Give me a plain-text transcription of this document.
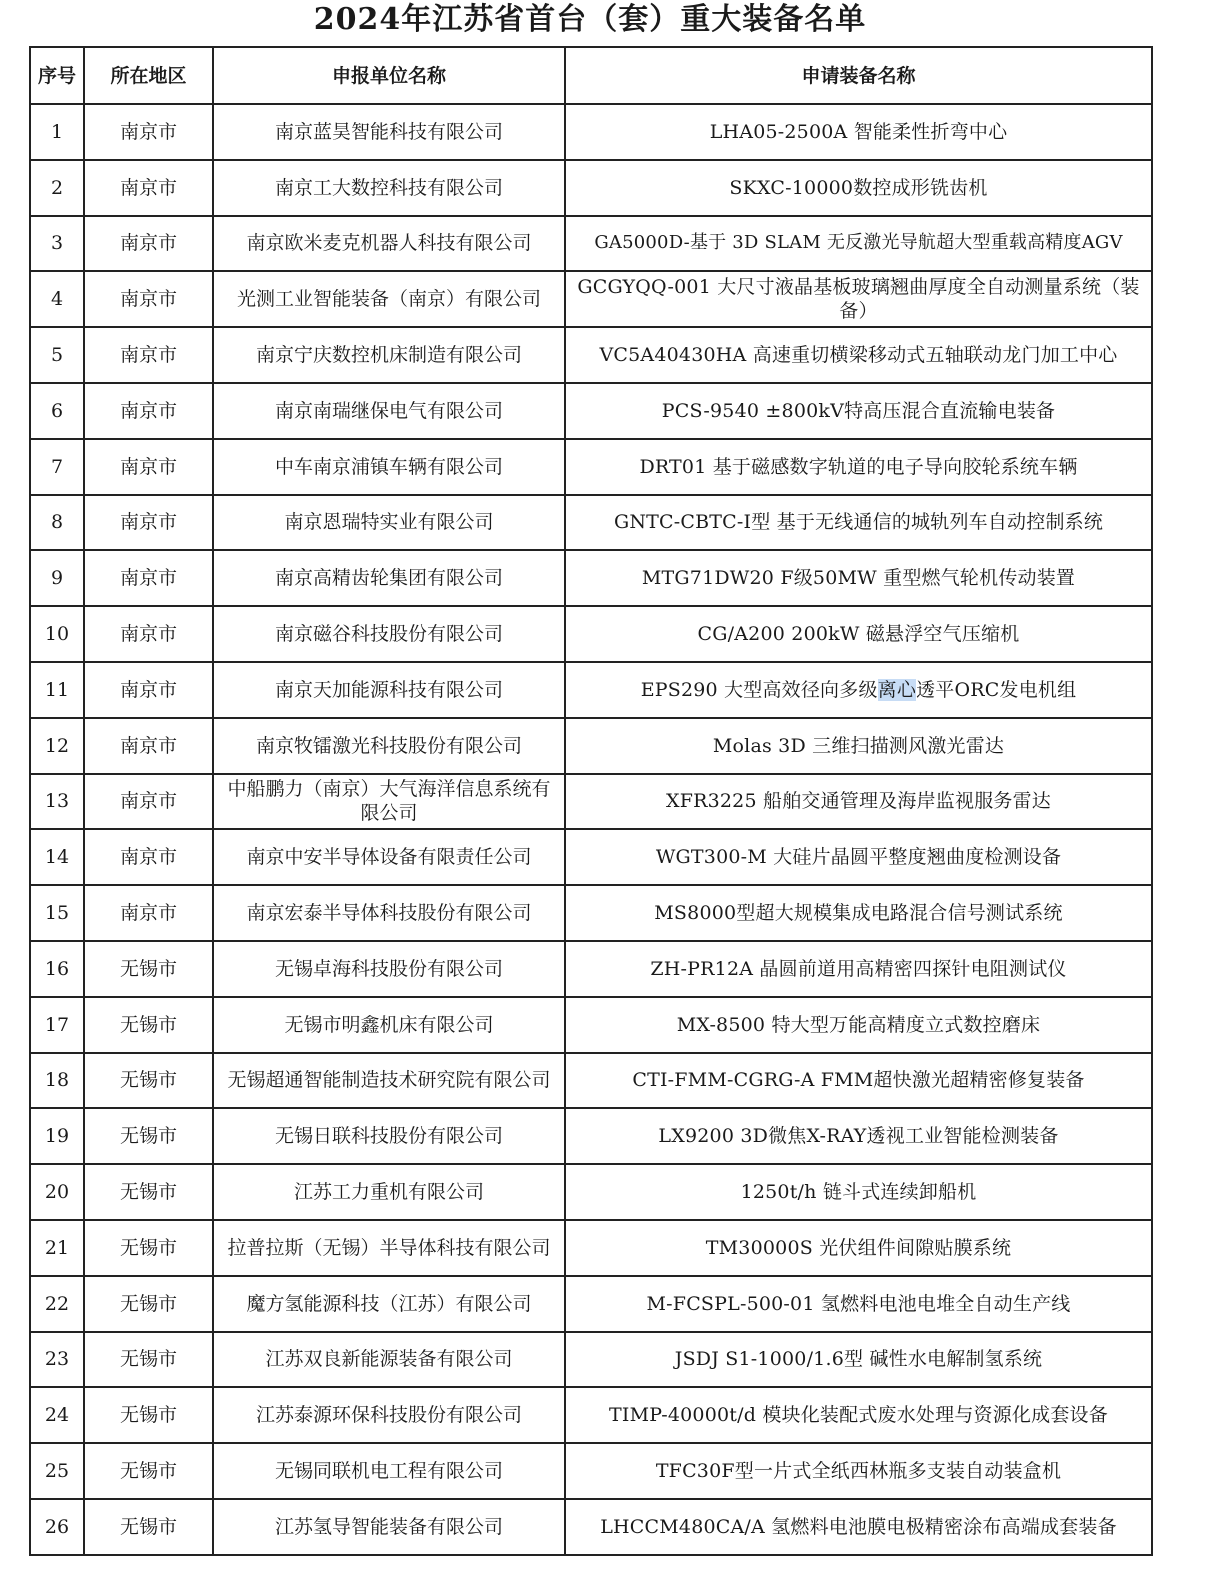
2024年江苏省首台（套）重大装备名单
序号	所在地区	申报单位名称	申请装备名称
1	南京市	南京蓝昊智能科技有限公司	LHA05-2500A 智能柔性折弯中心
2	南京市	南京工大数控科技有限公司	SKXC-10000数控成形铣齿机
3	南京市	南京欧米麦克机器人科技有限公司	GA5000D-基于 3D SLAM 无反激光导航超大型重载高精度AGV
4	南京市	光测工业智能装备（南京）有限公司	GCGYQQ-001 大尺寸液晶基板玻璃翘曲厚度全自动测量系统（装备）
5	南京市	南京宁庆数控机床制造有限公司	VC5A40430HA 高速重切横梁移动式五轴联动龙门加工中心
6	南京市	南京南瑞继保电气有限公司	PCS-9540 ±800kV特高压混合直流输电装备
7	南京市	中车南京浦镇车辆有限公司	DRT01 基于磁感数字轨道的电子导向胶轮系统车辆
8	南京市	南京恩瑞特实业有限公司	GNTC-CBTC-I型 基于无线通信的城轨列车自动控制系统
9	南京市	南京高精齿轮集团有限公司	MTG71DW20 F级50MW 重型燃气轮机传动装置
10	南京市	南京磁谷科技股份有限公司	CG/A200 200kW 磁悬浮空气压缩机
11	南京市	南京天加能源科技有限公司	EPS290 大型高效径向多级离心透平ORC发电机组
12	南京市	南京牧镭激光科技股份有限公司	Molas 3D 三维扫描测风激光雷达
13	南京市	中船鹏力（南京）大气海洋信息系统有限公司	XFR3225 船舶交通管理及海岸监视服务雷达
14	南京市	南京中安半导体设备有限责任公司	WGT300-M 大硅片晶圆平整度翘曲度检测设备
15	南京市	南京宏泰半导体科技股份有限公司	MS8000型超大规模集成电路混合信号测试系统
16	无锡市	无锡卓海科技股份有限公司	ZH-PR12A 晶圆前道用高精密四探针电阻测试仪
17	无锡市	无锡市明鑫机床有限公司	MX-8500 特大型万能高精度立式数控磨床
18	无锡市	无锡超通智能制造技术研究院有限公司	CTI-FMM-CGRG-A FMM超快激光超精密修复装备
19	无锡市	无锡日联科技股份有限公司	LX9200 3D微焦X-RAY透视工业智能检测装备
20	无锡市	江苏工力重机有限公司	1250t/h 链斗式连续卸船机
21	无锡市	拉普拉斯（无锡）半导体科技有限公司	TM30000S 光伏组件间隙贴膜系统
22	无锡市	魔方氢能源科技（江苏）有限公司	M-FCSPL-500-01 氢燃料电池电堆全自动生产线
23	无锡市	江苏双良新能源装备有限公司	JSDJ S1-1000/1.6型 碱性水电解制氢系统
24	无锡市	江苏泰源环保科技股份有限公司	TIMP-40000t/d 模块化装配式废水处理与资源化成套设备
25	无锡市	无锡同联机电工程有限公司	TFC30F型一片式全纸西林瓶多支装自动装盒机
26	无锡市	江苏氢导智能装备有限公司	LHCCM480CA/A 氢燃料电池膜电极精密涂布高端成套装备
